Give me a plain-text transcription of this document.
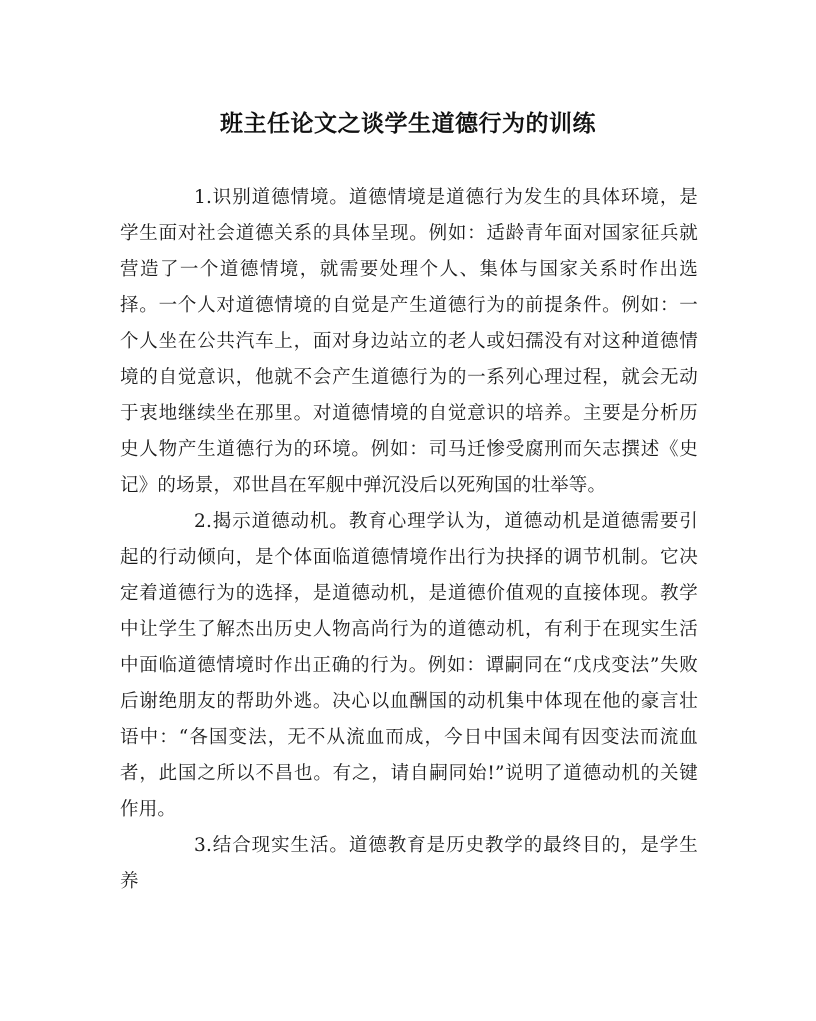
班主任论文之谈学生道德行为的训练

1.识别道德情境。道德情境是道德行为发生的具体环境，是学生面对社会道德关系的具体呈现。例如：适龄青年面对国家征兵就营造了一个道德情境，就需要处理个人、集体与国家关系时作出选择。一个人对道德情境的自觉是产生道德行为的前提条件。例如：一个人坐在公共汽车上，面对身边站立的老人或妇孺没有对这种道德情境的自觉意识，他就不会产生道德行为的一系列心理过程，就会无动于衷地继续坐在那里。对道德情境的自觉意识的培养。主要是分析历史人物产生道德行为的环境。例如：司马迁惨受腐刑而矢志撰述《史记》的场景，邓世昌在军舰中弹沉没后以死殉国的壮举等。

2.揭示道德动机。教育心理学认为，道德动机是道德需要引起的行动倾向，是个体面临道德情境作出行为抉择的调节机制。它决定着道德行为的选择，是道德动机，是道德价值观的直接体现。教学中让学生了解杰出历史人物高尚行为的道德动机，有利于在现实生活中面临道德情境时作出正确的行为。例如：谭嗣同在“戊戌变法”失败后谢绝朋友的帮助外逃。决心以血酬国的动机集中体现在他的豪言壮语中：“各国变法，无不从流血而成，今日中国未闻有因变法而流血者，此国之所以不昌也。有之，请自嗣同始!”说明了道德动机的关键作用。

3.结合现实生活。道德教育是历史教学的最终目的，是学生养
